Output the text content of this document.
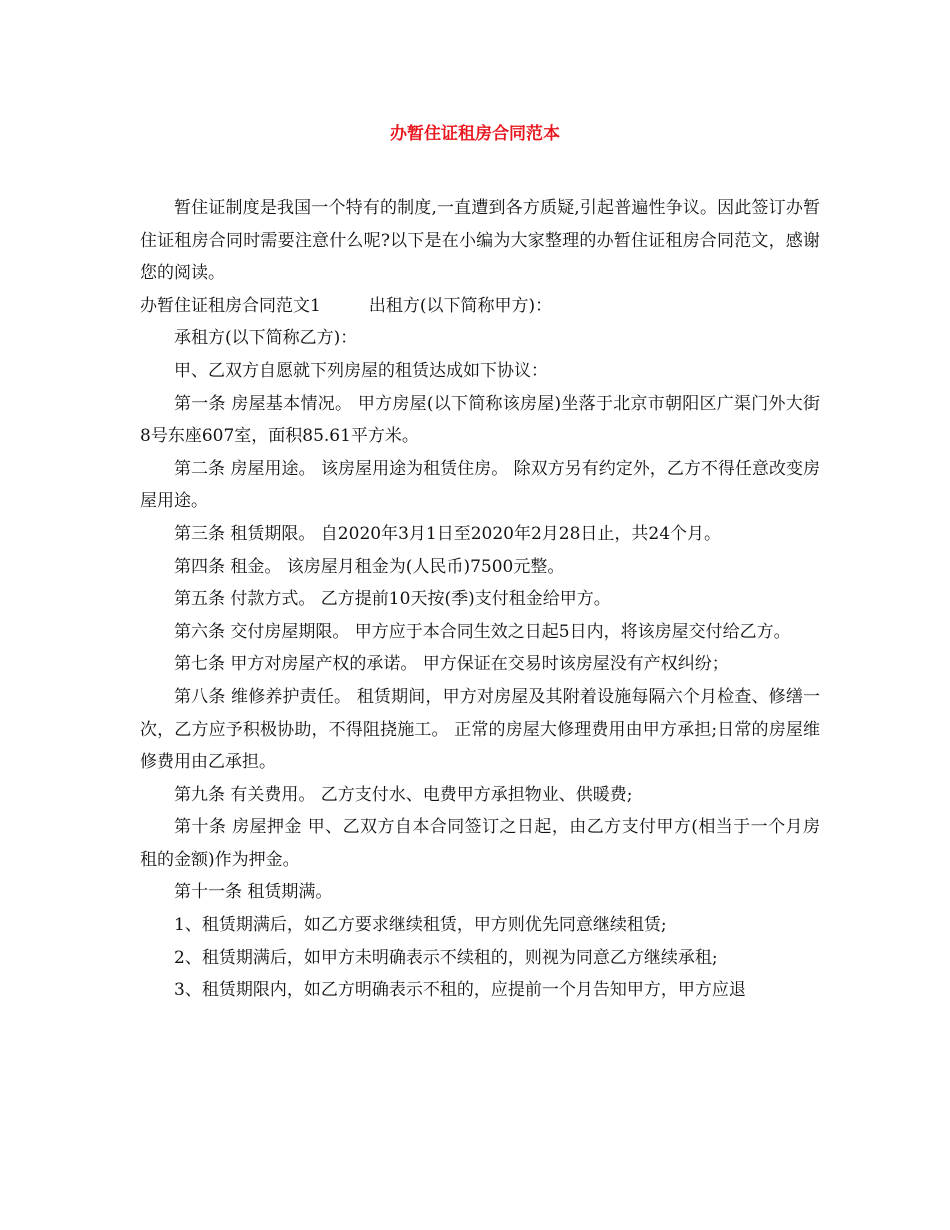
办暂住证租房合同范本

暂住证制度是我国一个特有的制度,一直遭到各方质疑,引起普遍性争议。因此签订办暂住证租房合同时需要注意什么呢?以下是在小编为大家整理的办暂住证租房合同范文，感谢您的阅读。

办暂住证租房合同范文1	出租方(以下简称甲方)：

承租方(以下简称乙方)：

甲、乙双方自愿就下列房屋的租赁达成如下协议：

第一条 房屋基本情况。 甲方房屋(以下简称该房屋)坐落于北京市朝阳区广渠门外大街8号东座607室，面积85.61平方米。

第二条 房屋用途。 该房屋用途为租赁住房。 除双方另有约定外，乙方不得任意改变房屋用途。

第三条 租赁期限。 自2020年3月1日至2020年2月28日止，共24个月。

第四条 租金。 该房屋月租金为(人民币)7500元整。

第五条 付款方式。 乙方提前10天按(季)支付租金给甲方。

第六条 交付房屋期限。 甲方应于本合同生效之日起5日内，将该房屋交付给乙方。

第七条 甲方对房屋产权的承诺。 甲方保证在交易时该房屋没有产权纠纷；

第八条 维修养护责任。 租赁期间，甲方对房屋及其附着设施每隔六个月检查、修缮一次，乙方应予积极协助，不得阻挠施工。 正常的房屋大修理费用由甲方承担;日常的房屋维修费用由乙承担。

第九条 有关费用。 乙方支付水、电费甲方承担物业、供暖费;

第十条 房屋押金 甲、乙双方自本合同签订之日起，由乙方支付甲方(相当于一个月房租的金额)作为押金。

第十一条 租赁期满。

1、租赁期满后，如乙方要求继续租赁，甲方则优先同意继续租赁;

2、租赁期满后，如甲方未明确表示不续租的，则视为同意乙方继续承租;

3、租赁期限内，如乙方明确表示不租的，应提前一个月告知甲方，甲方应退
